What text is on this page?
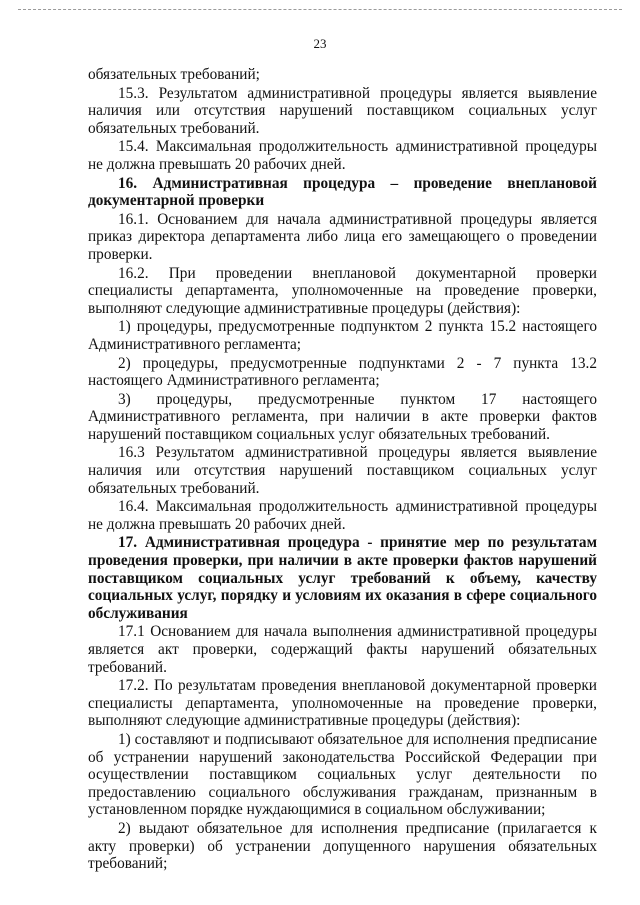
23

обязательных требований;

15.3. Результатом административной процедуры является выявление наличия или отсутствия нарушений поставщиком социальных услуг обязательных требований.

15.4. Максимальная продолжительность административной процедуры не должна превышать 20 рабочих дней.

16. Административная процедура – проведение внеплановой документарной проверки

16.1. Основанием для начала административной процедуры является приказ директора департамента либо лица его замещающего о проведении проверки.

16.2. При проведении внеплановой документарной проверки специалисты департамента, уполномоченные на проведение проверки, выполняют следующие административные процедуры (действия):

1) процедуры, предусмотренные подпунктом 2 пункта 15.2 настоящего Административного регламента;

2) процедуры, предусмотренные подпунктами 2 - 7 пункта 13.2 настоящего Административного регламента;

3) процедуры, предусмотренные пунктом 17 настоящего Административного регламента, при наличии в акте проверки фактов нарушений поставщиком социальных услуг обязательных требований.

16.3 Результатом административной процедуры является выявление наличия или отсутствия нарушений поставщиком социальных услуг обязательных требований.

16.4. Максимальная продолжительность административной процедуры не должна превышать 20 рабочих дней.

17. Административная процедура - принятие мер по результатам проведения проверки, при наличии в акте проверки фактов нарушений поставщиком социальных услуг требований к объему, качеству социальных услуг, порядку и условиям их оказания в сфере социального обслуживания

17.1 Основанием для начала выполнения административной процедуры является акт проверки, содержащий факты нарушений обязательных требований.

17.2. По результатам проведения внеплановой документарной проверки специалисты департамента, уполномоченные на проведение проверки, выполняют следующие административные процедуры (действия):

1) составляют и подписывают обязательное для исполнения предписание об устранении нарушений законодательства Российской Федерации при осуществлении поставщиком социальных услуг деятельности по предоставлению социального обслуживания гражданам, признанным в установленном порядке нуждающимися в социальном обслуживании;

2) выдают обязательное для исполнения предписание (прилагается к акту проверки) об устранении допущенного нарушения обязательных требований;
